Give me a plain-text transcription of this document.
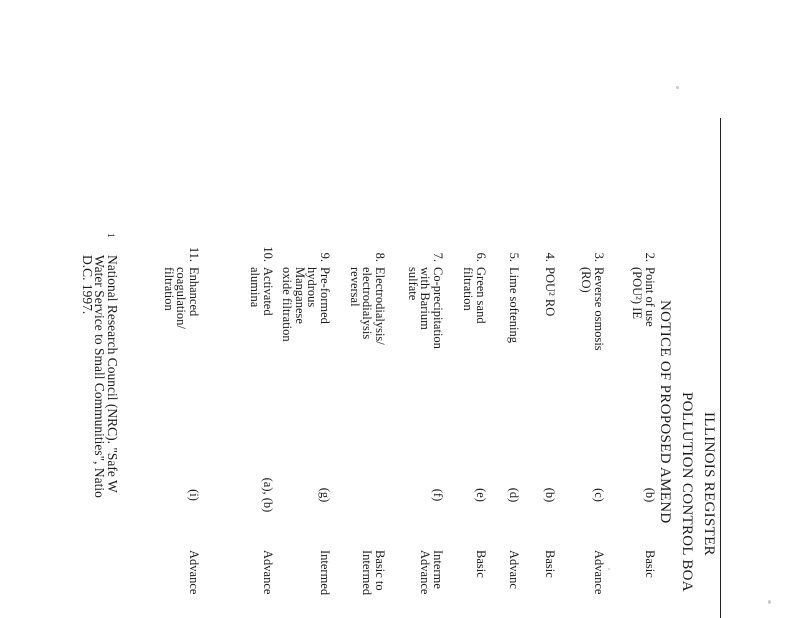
ILLINOIS REGISTER
POLLUTION CONTROL BOA
NOTICE OF PROPOSED AMEND
2.
Point of use
(POU²) IE
(b)
Basic
3.
Reverse osmosis
(RO)
(c)
Advance
4.
POU² RO
(b)
Basic
5.
Lime softening
(d)
Advanc
6.
Green sand
filtration
(e)
Basic
7.
Co-precipitation
with Barium
sulfate
(f)
Interme
Advance
8.
Electrodialysis/
electrodialysis
reversal
Basic to
Intermed
9.
Pre-formed
hydrous
Manganese
oxide filtration
(g)
Intermed
10.
Activated
alumina
(a), (b)
Advance
11.
Enhanced
coagulation/
filtration
(i)
Advance
1
National Research Council (NRC). "Safe W
Water Service to Small Communities", Natio
D.C. 1997.
